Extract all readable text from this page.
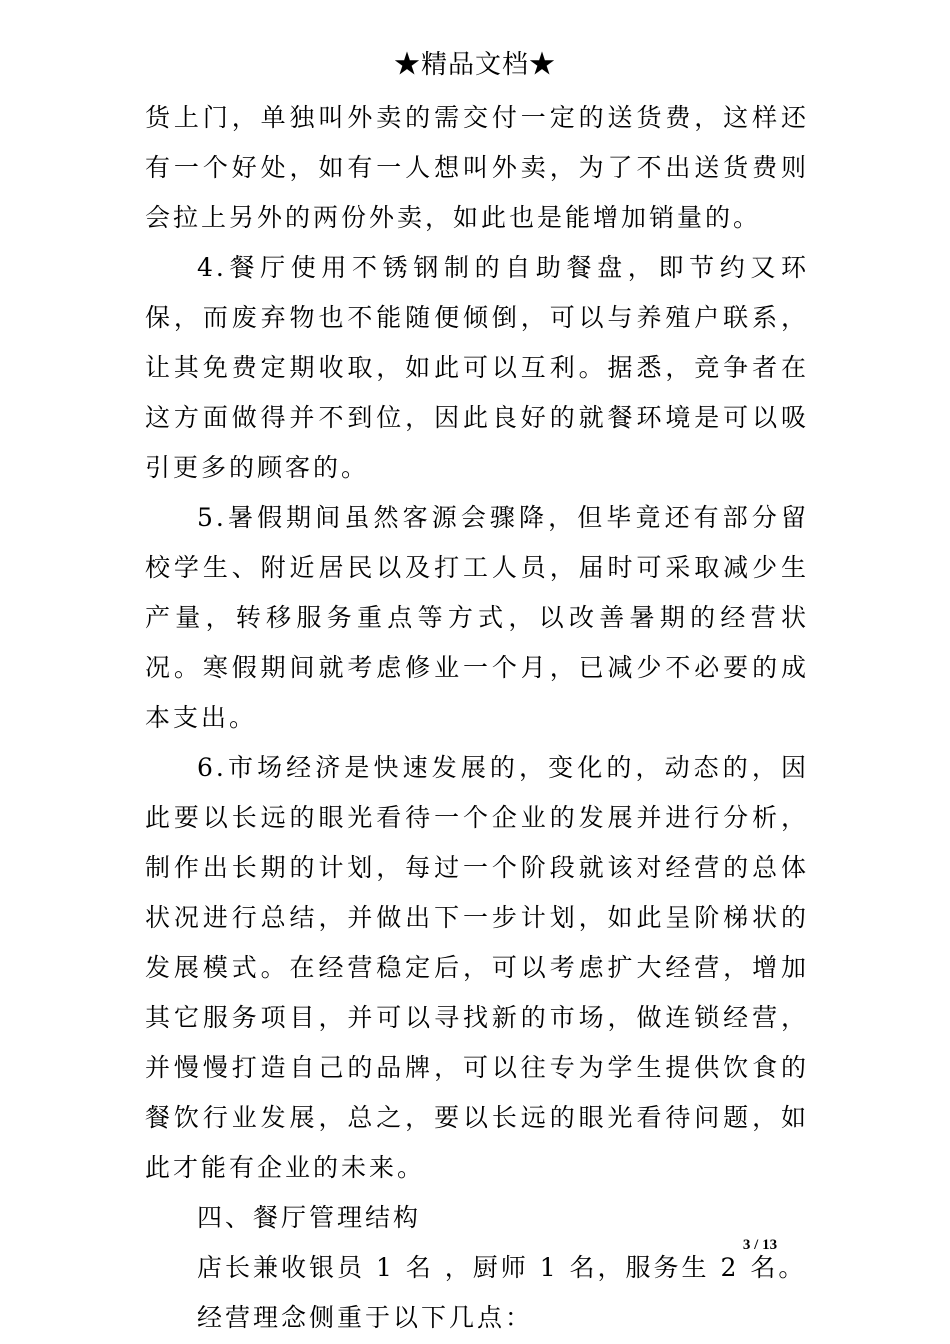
★精品文档★

货上门，单独叫外卖的需交付一定的送货费，这样还有一个好处，如有一人想叫外卖，为了不出送货费则会拉上另外的两份外卖，如此也是能增加销量的。

4.餐厅使用不锈钢制的自助餐盘，即节约又环保，而废弃物也不能随便倾倒，可以与养殖户联系，让其免费定期收取，如此可以互利。据悉，竞争者在这方面做得并不到位，因此良好的就餐环境是可以吸引更多的顾客的。

5.暑假期间虽然客源会骤降，但毕竟还有部分留校学生、附近居民以及打工人员，届时可采取减少生产量，转移服务重点等方式，以改善暑期的经营状况。寒假期间就考虑修业一个月，已减少不必要的成本支出。

6.市场经济是快速发展的，变化的，动态的，因此要以长远的眼光看待一个企业的发展并进行分析，制作出长期的计划，每过一个阶段就该对经营的总体状况进行总结，并做出下一步计划，如此呈阶梯状的发展模式。在经营稳定后，可以考虑扩大经营，增加其它服务项目，并可以寻找新的市场，做连锁经营，并慢慢打造自己的品牌，可以往专为学生提供饮食的餐饮行业发展，总之，要以长远的眼光看待问题，如此才能有企业的未来。

四、餐厅管理结构

店长兼收银员 1 名 ，厨师 1 名，服务生 2 名。

经营理念侧重于以下几点：

3 / 13
